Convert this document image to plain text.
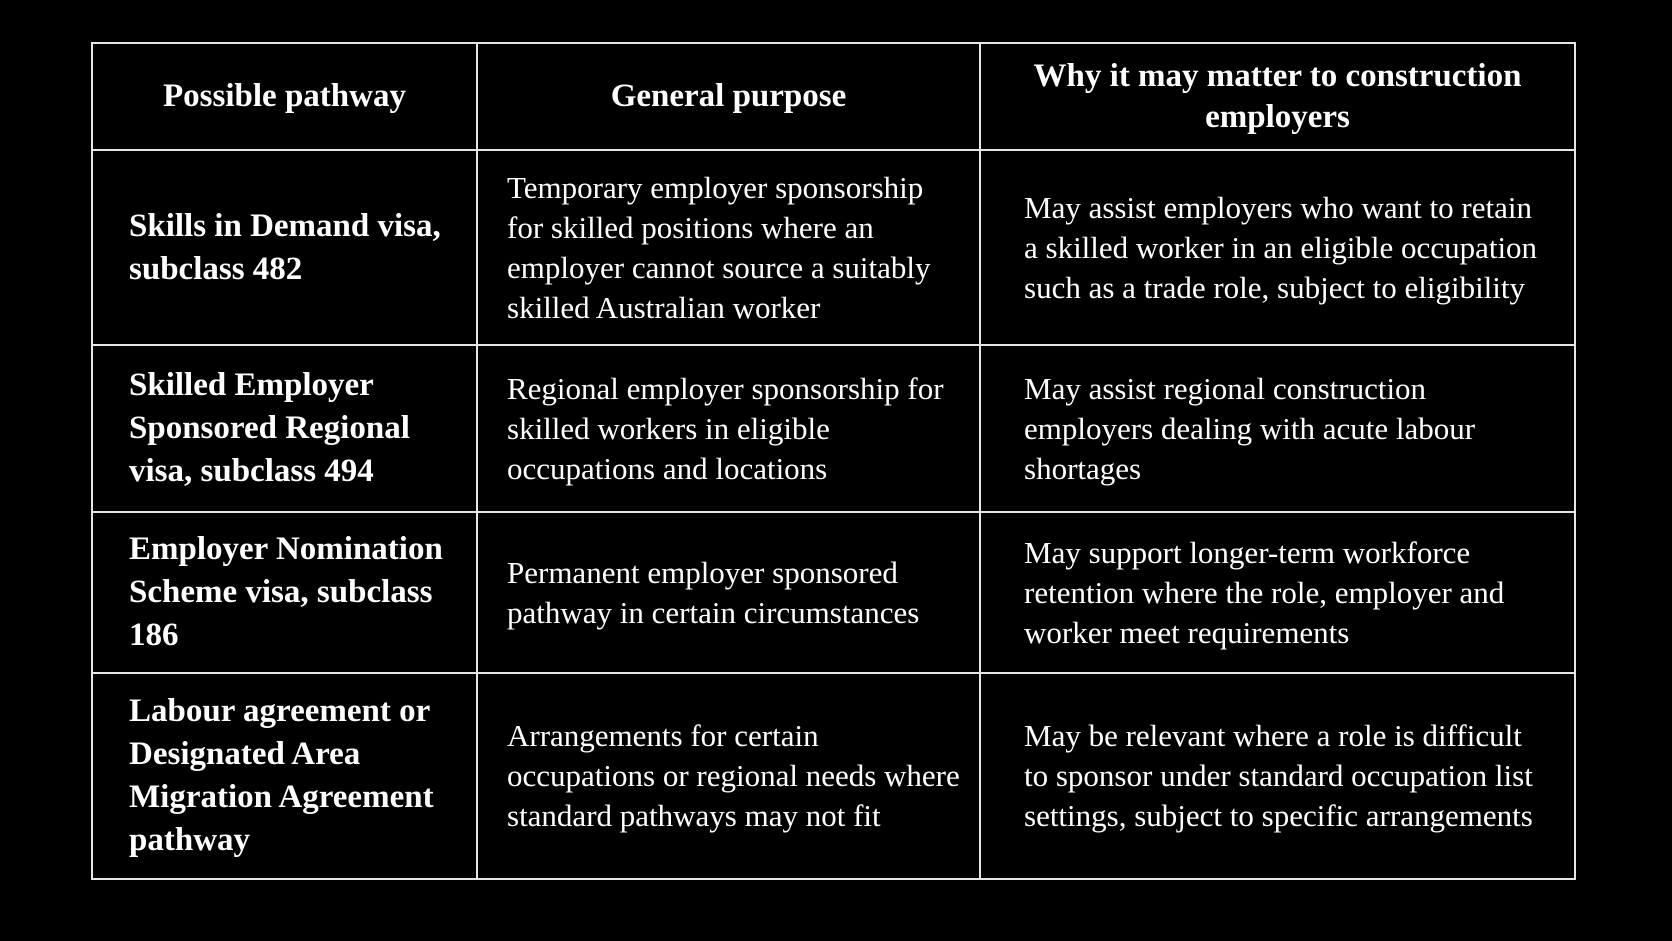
Possible pathway	General purpose	Why it may matter to construction employers
Skills in Demand visa, subclass 482	Temporary employer sponsorship for skilled positions where an employer cannot source a suitably skilled Australian worker	May assist employers who want to retain a skilled worker in an eligible occupation such as a trade role, subject to eligibility
Skilled Employer Sponsored Regional visa, subclass 494	Regional employer sponsorship for skilled workers in eligible occupations and locations	May assist regional construction employers dealing with acute labour shortages
Employer Nomination Scheme visa, subclass 186	Permanent employer sponsored pathway in certain circumstances	May support longer-term workforce retention where the role, employer and worker meet requirements
Labour agreement or Designated Area Migration Agreement pathway	Arrangements for certain occupations or regional needs where standard pathways may not fit	May be relevant where a role is difficult to sponsor under standard occupation list settings, subject to specific arrangements
